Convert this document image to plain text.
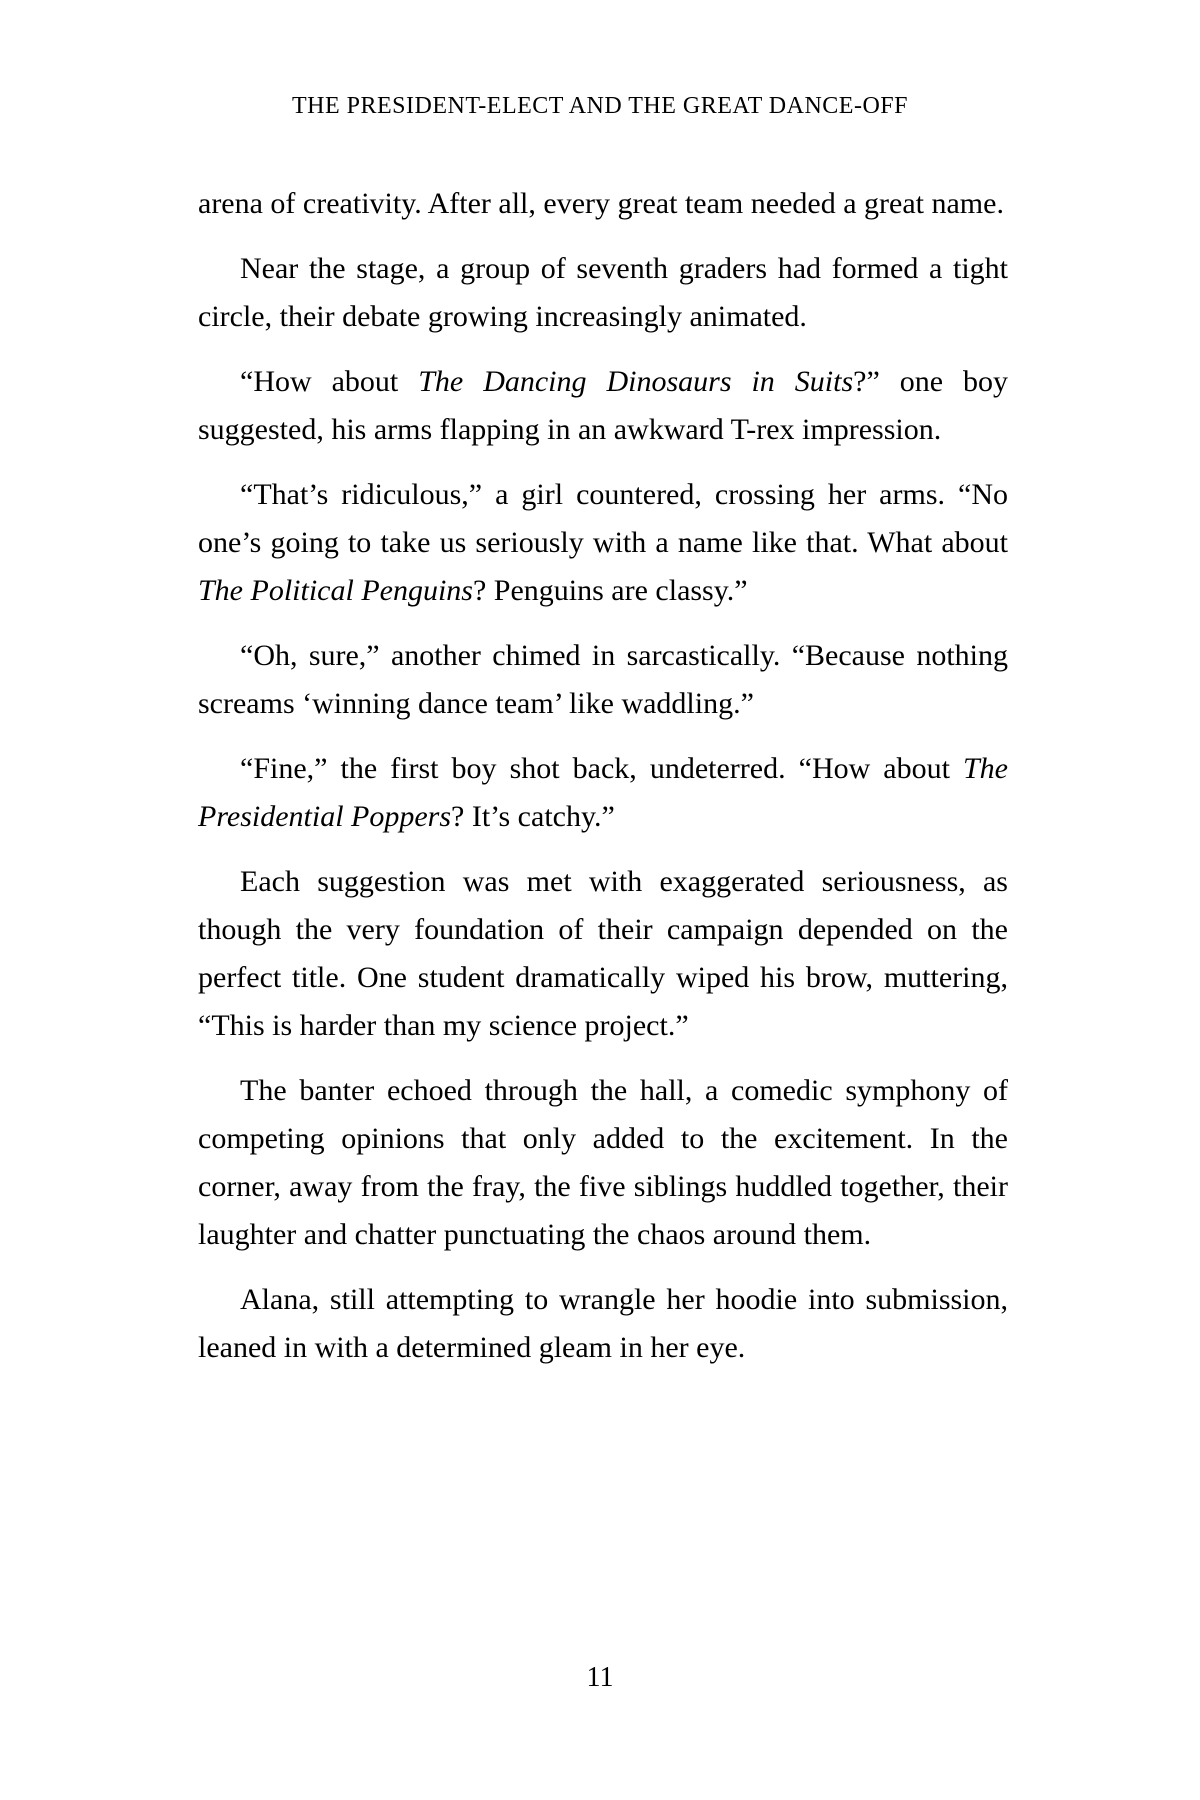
THE PRESIDENT-ELECT AND THE GREAT DANCE-OFF

arena of creativity. After all, every great team needed a great name.

Near the stage, a group of seventh graders had formed a tight circle, their debate growing increasingly animated.

“How about The Dancing Dinosaurs in Suits?” one boy suggested, his arms flapping in an awkward T-rex impression.

“That’s ridiculous,” a girl countered, crossing her arms. “No one’s going to take us seriously with a name like that. What about The Political Penguins? Penguins are classy.”

“Oh, sure,” another chimed in sarcastically. “Because nothing screams ‘winning dance team’ like waddling.”

“Fine,” the first boy shot back, undeterred. “How about The Presidential Poppers? It’s catchy.”

Each suggestion was met with exaggerated seriousness, as though the very foundation of their campaign depended on the perfect title. One student dramatically wiped his brow, muttering, “This is harder than my science project.”

The banter echoed through the hall, a comedic symphony of competing opinions that only added to the excitement. In the corner, away from the fray, the five siblings huddled together, their laughter and chatter punctuating the chaos around them.

Alana, still attempting to wrangle her hoodie into submission, leaned in with a determined gleam in her eye.

11
